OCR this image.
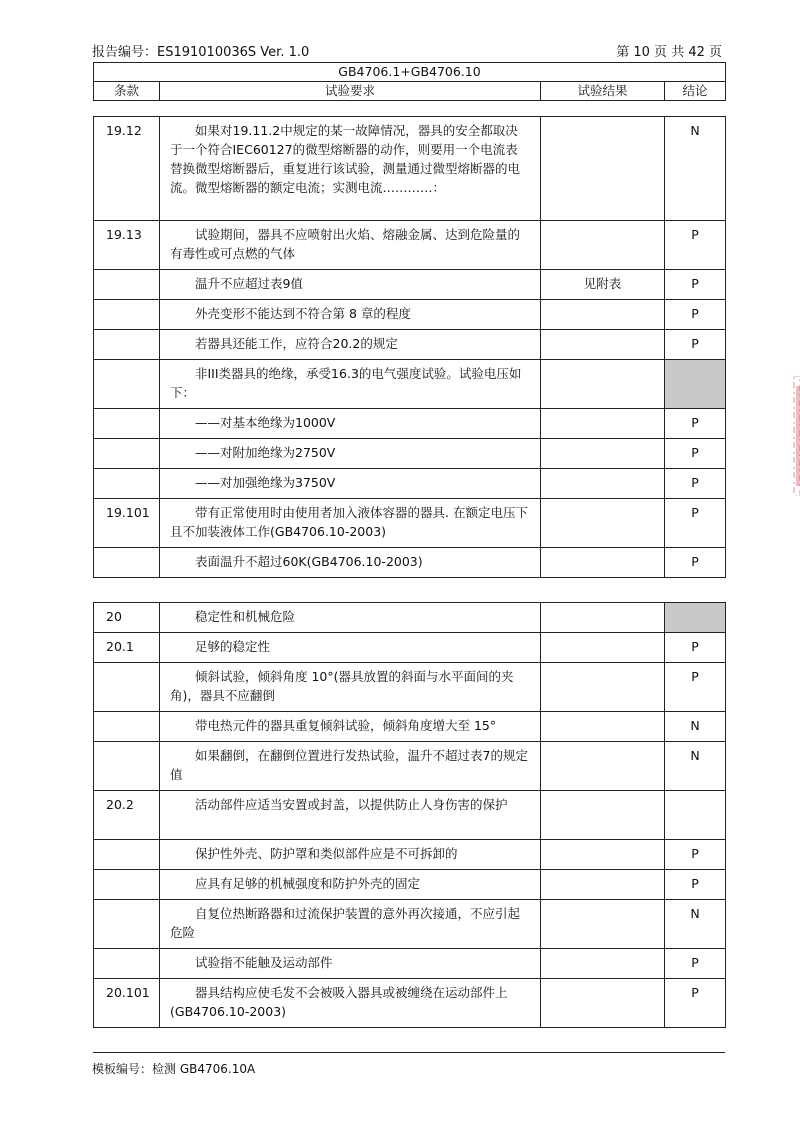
报告编号：ES191010036S Ver. 1.0	第 10 页 共 42 页
GB4706.1+GB4706.10
条款	试验要求	试验结果	结论
19.12	如果对19.11.2中规定的某一故障情况，器具的安全都取决于一个符合IEC60127的微型熔断器的动作，则要用一个电流表替换微型熔断器后，重复进行该试验，测量通过微型熔断器的电流。微型熔断器的额定电流；实测电流…………：		N
19.13	试验期间，器具不应喷射出火焰、熔融金属、达到危险量的有毒性或可点燃的气体		P
	温升不应超过表9值	见附表	P
	外壳变形不能达到不符合第 8 章的程度		P
	若器具还能工作，应符合20.2的规定		P
	非III类器具的绝缘，承受16.3的电气强度试验。试验电压如下：		
	——对基本绝缘为1000V		P
	——对附加绝缘为2750V		P
	——对加强绝缘为3750V		P
19.101	带有正常使用时由使用者加入液体容器的器具. 在额定电压下且不加装液体工作(GB4706.10-2003)		P
	表面温升不超过60K(GB4706.10-2003)		P
20	稳定性和机械危险		
20.1	足够的稳定性		P
	倾斜试验，倾斜角度 10°(器具放置的斜面与水平面间的夹角)，器具不应翻倒		P
	带电热元件的器具重复倾斜试验，倾斜角度增大至 15°		N
	如果翻倒，在翻倒位置进行发热试验，温升不超过表7的规定值		N
20.2	活动部件应适当安置或封盖，以提供防止人身伤害的保护		
	保护性外壳、防护罩和类似部件应是不可拆卸的		P
	应具有足够的机械强度和防护外壳的固定		P
	自复位热断路器和过流保护装置的意外再次接通，不应引起危险		N
	试验指不能触及运动部件		P
20.101	器具结构应使毛发不会被吸入器具或被缠绕在运动部件上(GB4706.10-2003)		P
模板编号：检测 GB4706.10A
